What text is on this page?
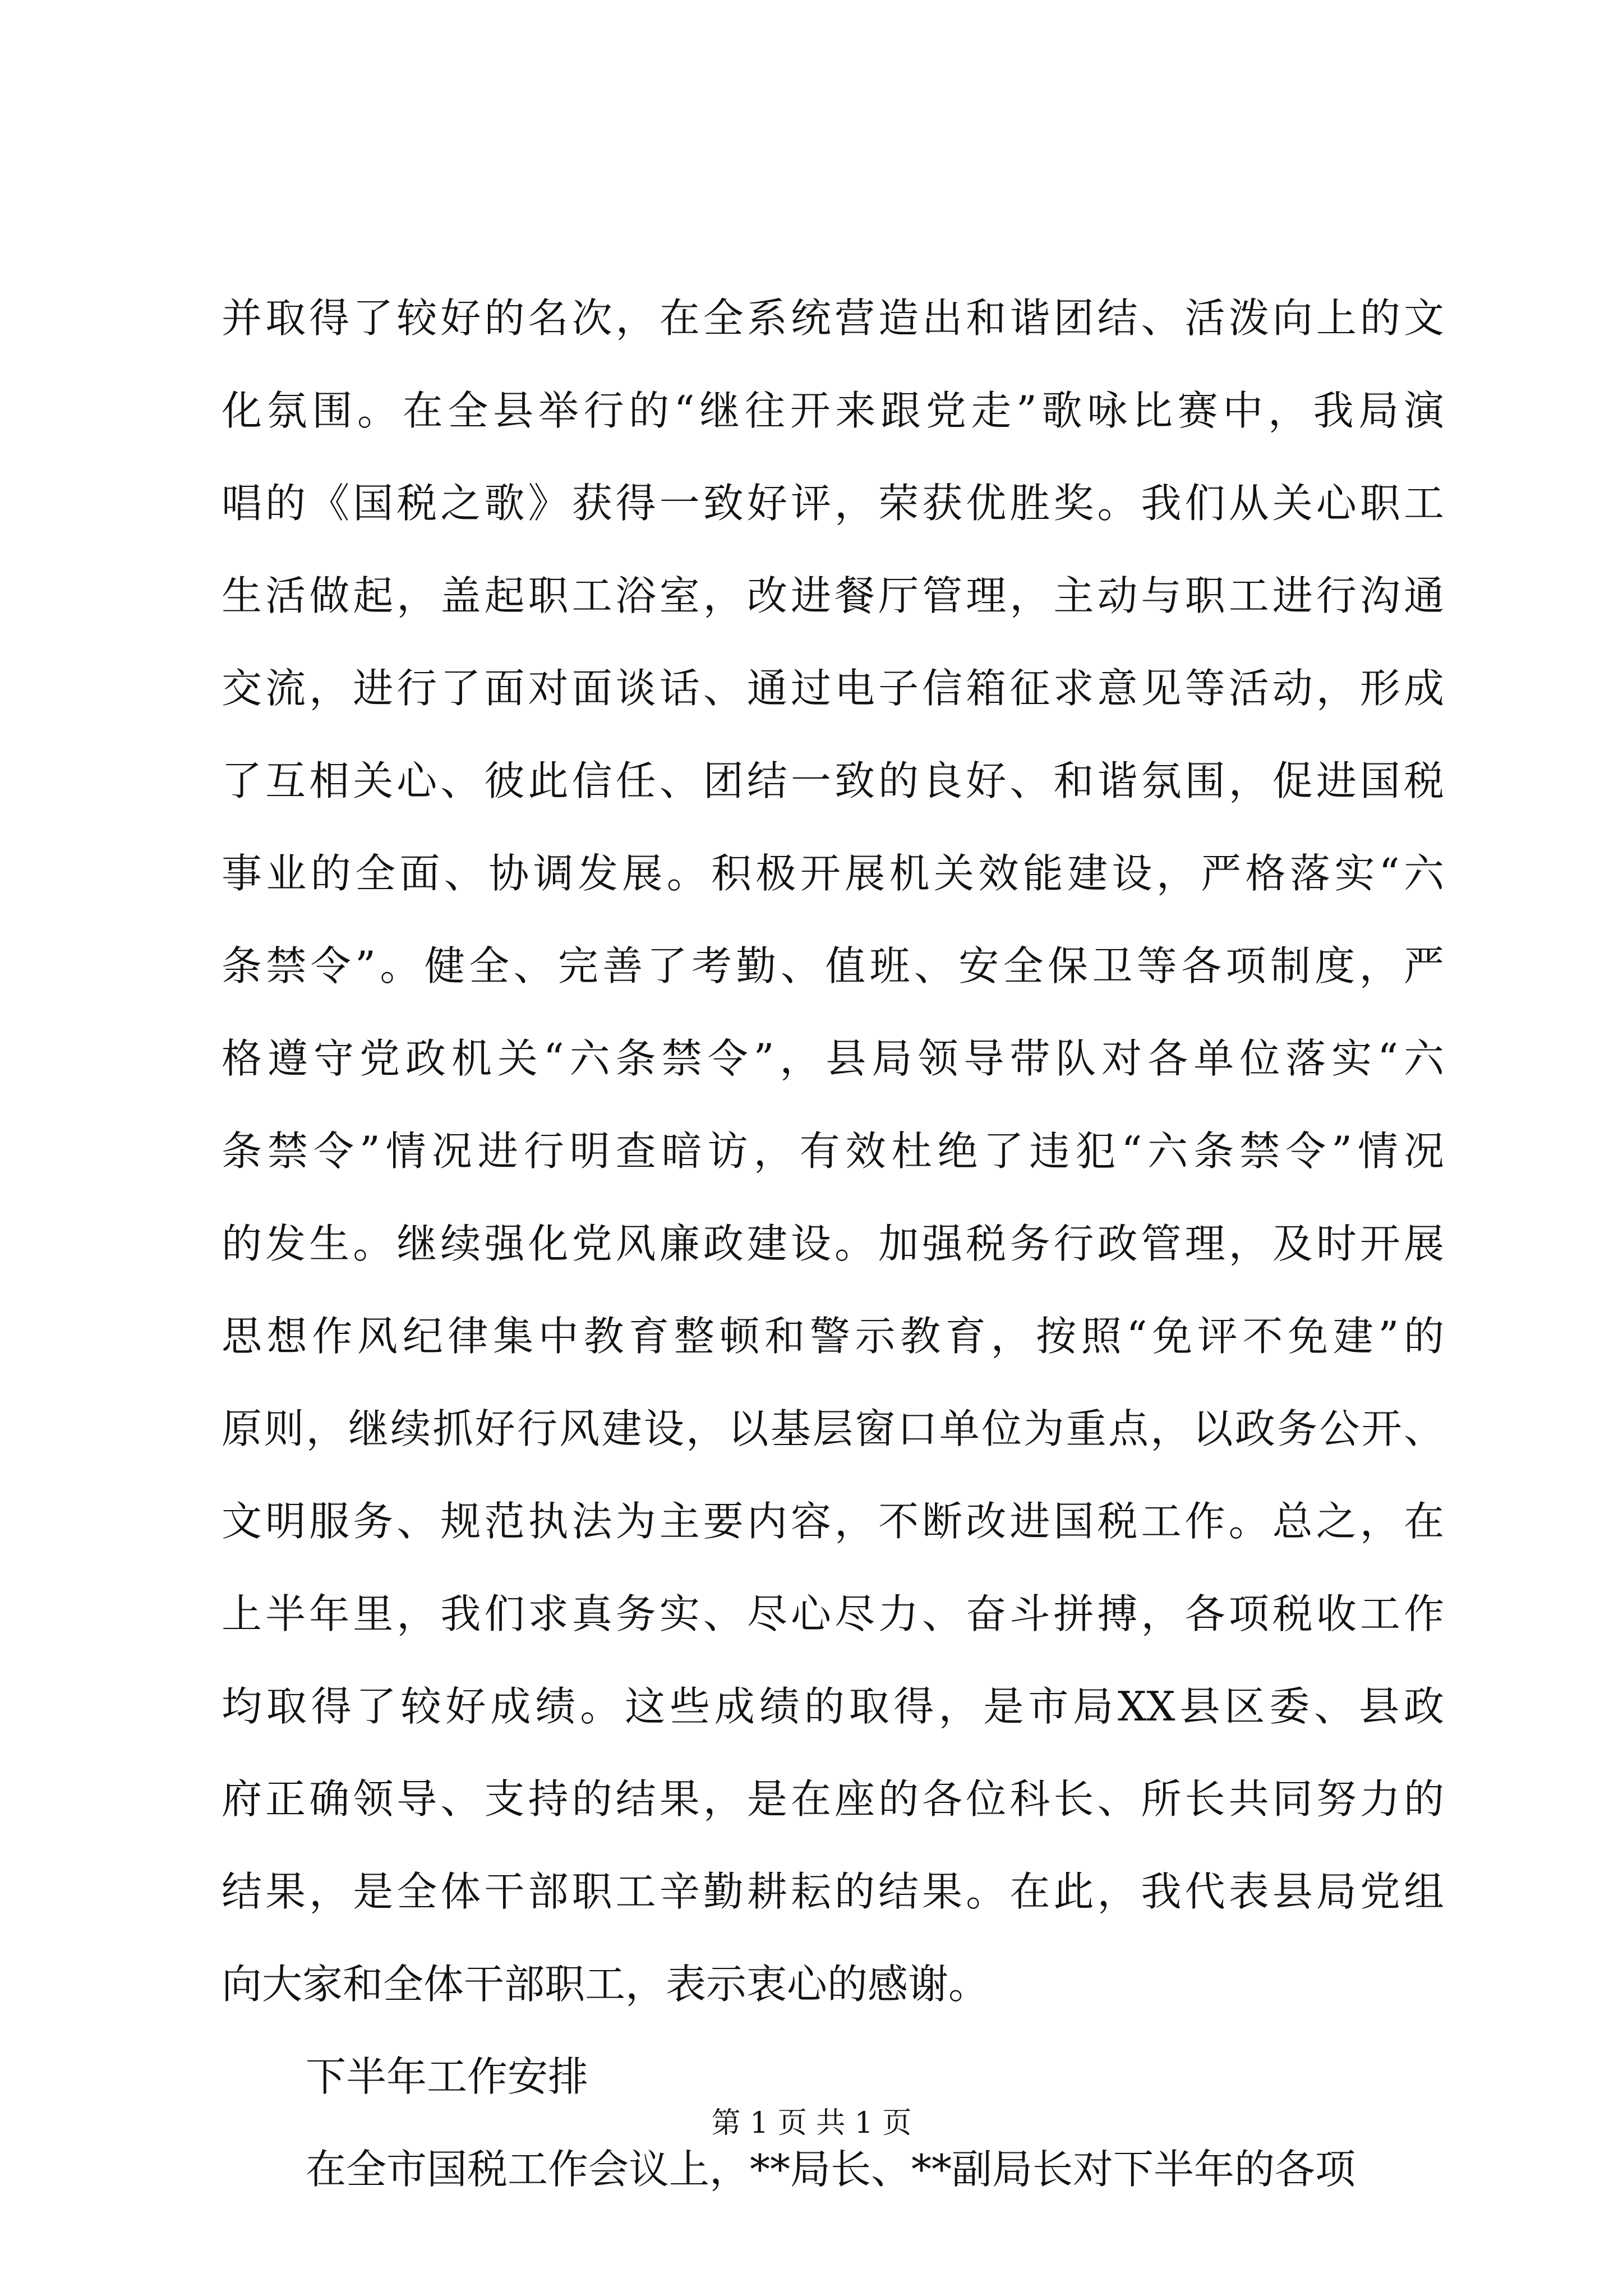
并取得了较好的名次，在全系统营造出和谐团结、活泼向上的文
化氛围。在全县举行的“继往开来跟党走”歌咏比赛中，我局演
唱的《国税之歌》获得一致好评，荣获优胜奖。我们从关心职工
生活做起，盖起职工浴室，改进餐厅管理，主动与职工进行沟通
交流，进行了面对面谈话、通过电子信箱征求意见等活动，形成
了互相关心、彼此信任、团结一致的良好、和谐氛围，促进国税
事业的全面、协调发展。积极开展机关效能建设，严格落实“六
条禁令”。健全、完善了考勤、值班、安全保卫等各项制度，严
格遵守党政机关“六条禁令”，县局领导带队对各单位落实“六
条禁令”情况进行明查暗访，有效杜绝了违犯“六条禁令”情况
的发生。继续强化党风廉政建设。加强税务行政管理，及时开展
思想作风纪律集中教育整顿和警示教育，按照“免评不免建”的
原则，继续抓好行风建设，以基层窗口单位为重点，以政务公开、
文明服务、规范执法为主要内容，不断改进国税工作。总之，在
上半年里，我们求真务实、尽心尽力、奋斗拼搏，各项税收工作
均取得了较好成绩。这些成绩的取得，是市局XX县区委、县政
府正确领导、支持的结果，是在座的各位科长、所长共同努力的
结果，是全体干部职工辛勤耕耘的结果。在此，我代表县局党组
向大家和全体干部职工，表示衷心的感谢。
下半年工作安排
在全市国税工作会议上，**局长、**副局长对下半年的各项
第 1 页 共 1 页
